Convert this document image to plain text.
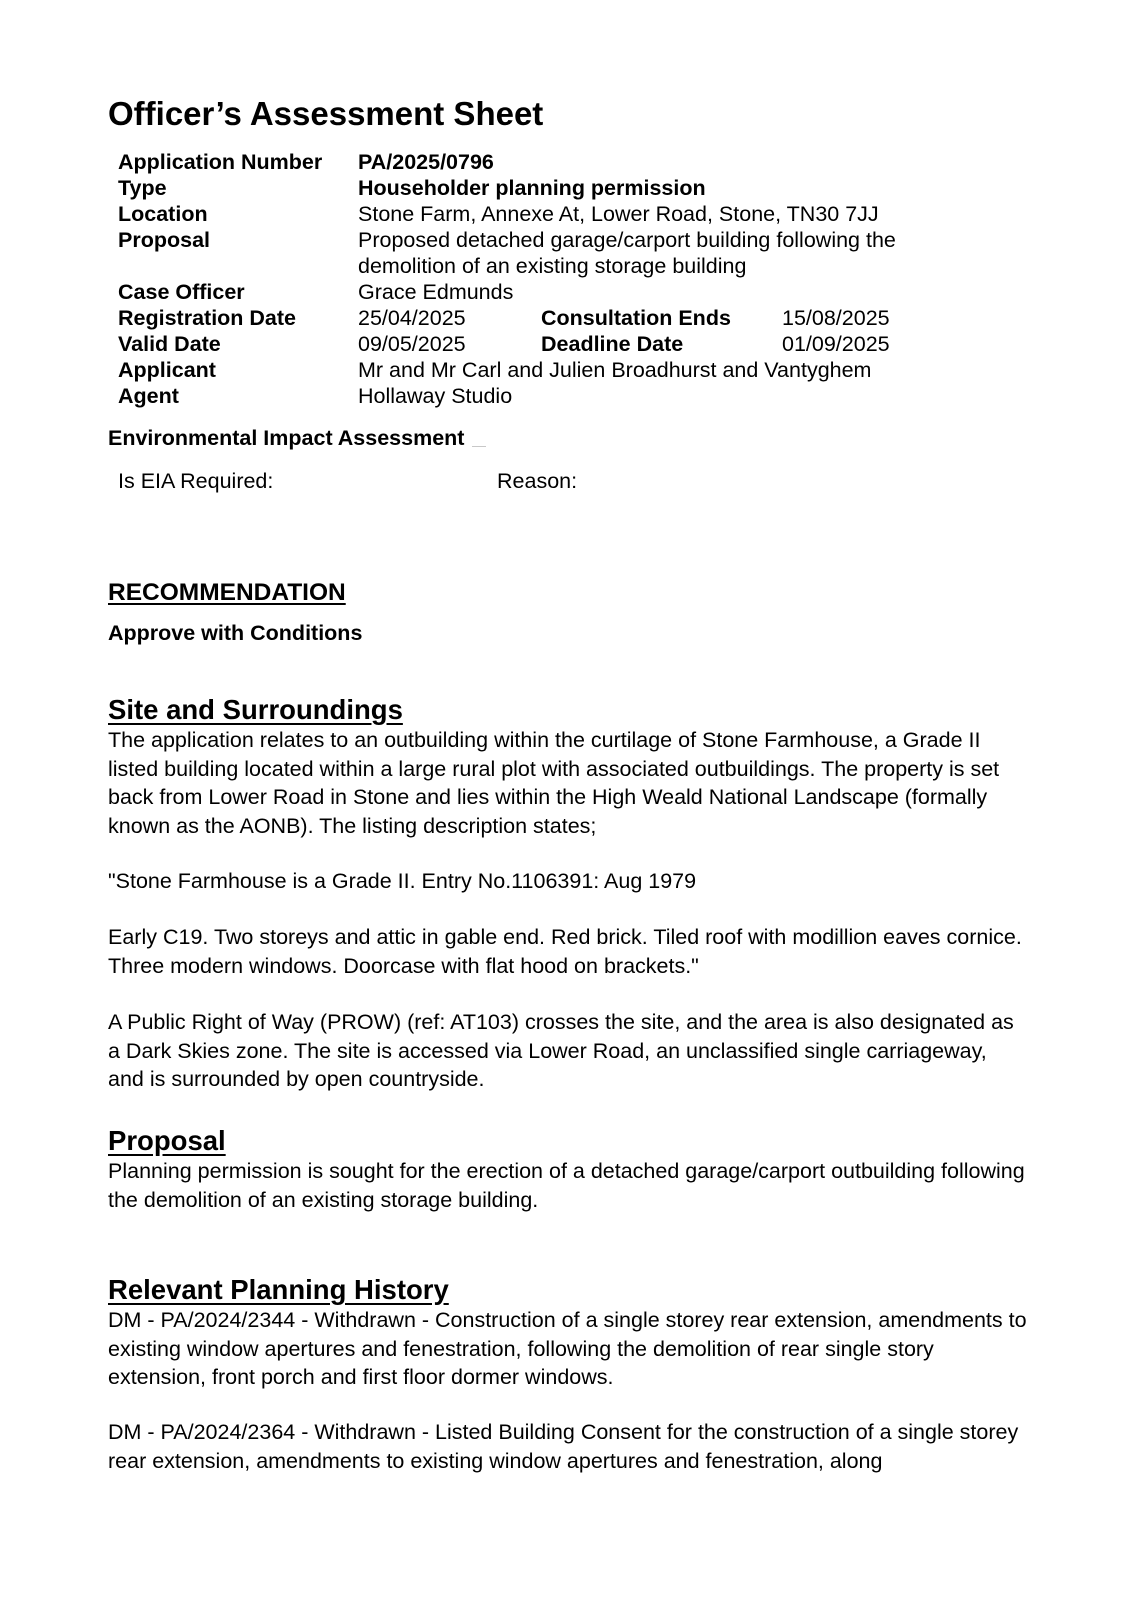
Officer’s Assessment Sheet
Application Number PA/2025/0796
Type	Householder planning permission
Location	Stone Farm, Annexe At, Lower Road, Stone, TN30 7JJ
Proposal	Proposed detached garage/carport building following the
demolition of an existing storage building
Case Officer	Grace Edmunds
Registration Date	25/04/2025	Consultation Ends 15/08/2025
Valid Date	09/05/2025	Deadline Date	01/09/2025
Applicant	Mr and Mr Carl and Julien Broadhurst and Vantyghem
Agent	Hollaway Studio
Environmental Impact Assessment
Is EIA Required:	Reason:
RECOMMENDATION
Approve with Conditions
Site and Surroundings

The application relates to an outbuilding within the curtilage of Stone Farmhouse, a Grade II listed building located within a large rural plot with associated outbuildings. The property is set back from Lower Road in Stone and lies within the High Weald National Landscape (formally known as the AONB). The listing description states;

"Stone Farmhouse is a Grade II. Entry No.1106391: Aug 1979

Early C19. Two storeys and attic in gable end. Red brick. Tiled roof with modillion eaves cornice. Three modern windows. Doorcase with flat hood on brackets."

A Public Right of Way (PROW) (ref: AT103) crosses the site, and the area is also designated as a Dark Skies zone. The site is accessed via Lower Road, an unclassified single carriageway, and is surrounded by open countryside.

Proposal

Planning permission is sought for the erection of a detached garage/carport outbuilding following the demolition of an existing storage building.

Relevant Planning History

DM - PA/2024/2344 - Withdrawn - Construction of a single storey rear extension, amendments to existing window apertures and fenestration, following the demolition of rear single story extension, front porch and first floor dormer windows.

DM - PA/2024/2364 - Withdrawn - Listed Building Consent for the construction of a single storey rear extension, amendments to existing window apertures and fenestration, along
